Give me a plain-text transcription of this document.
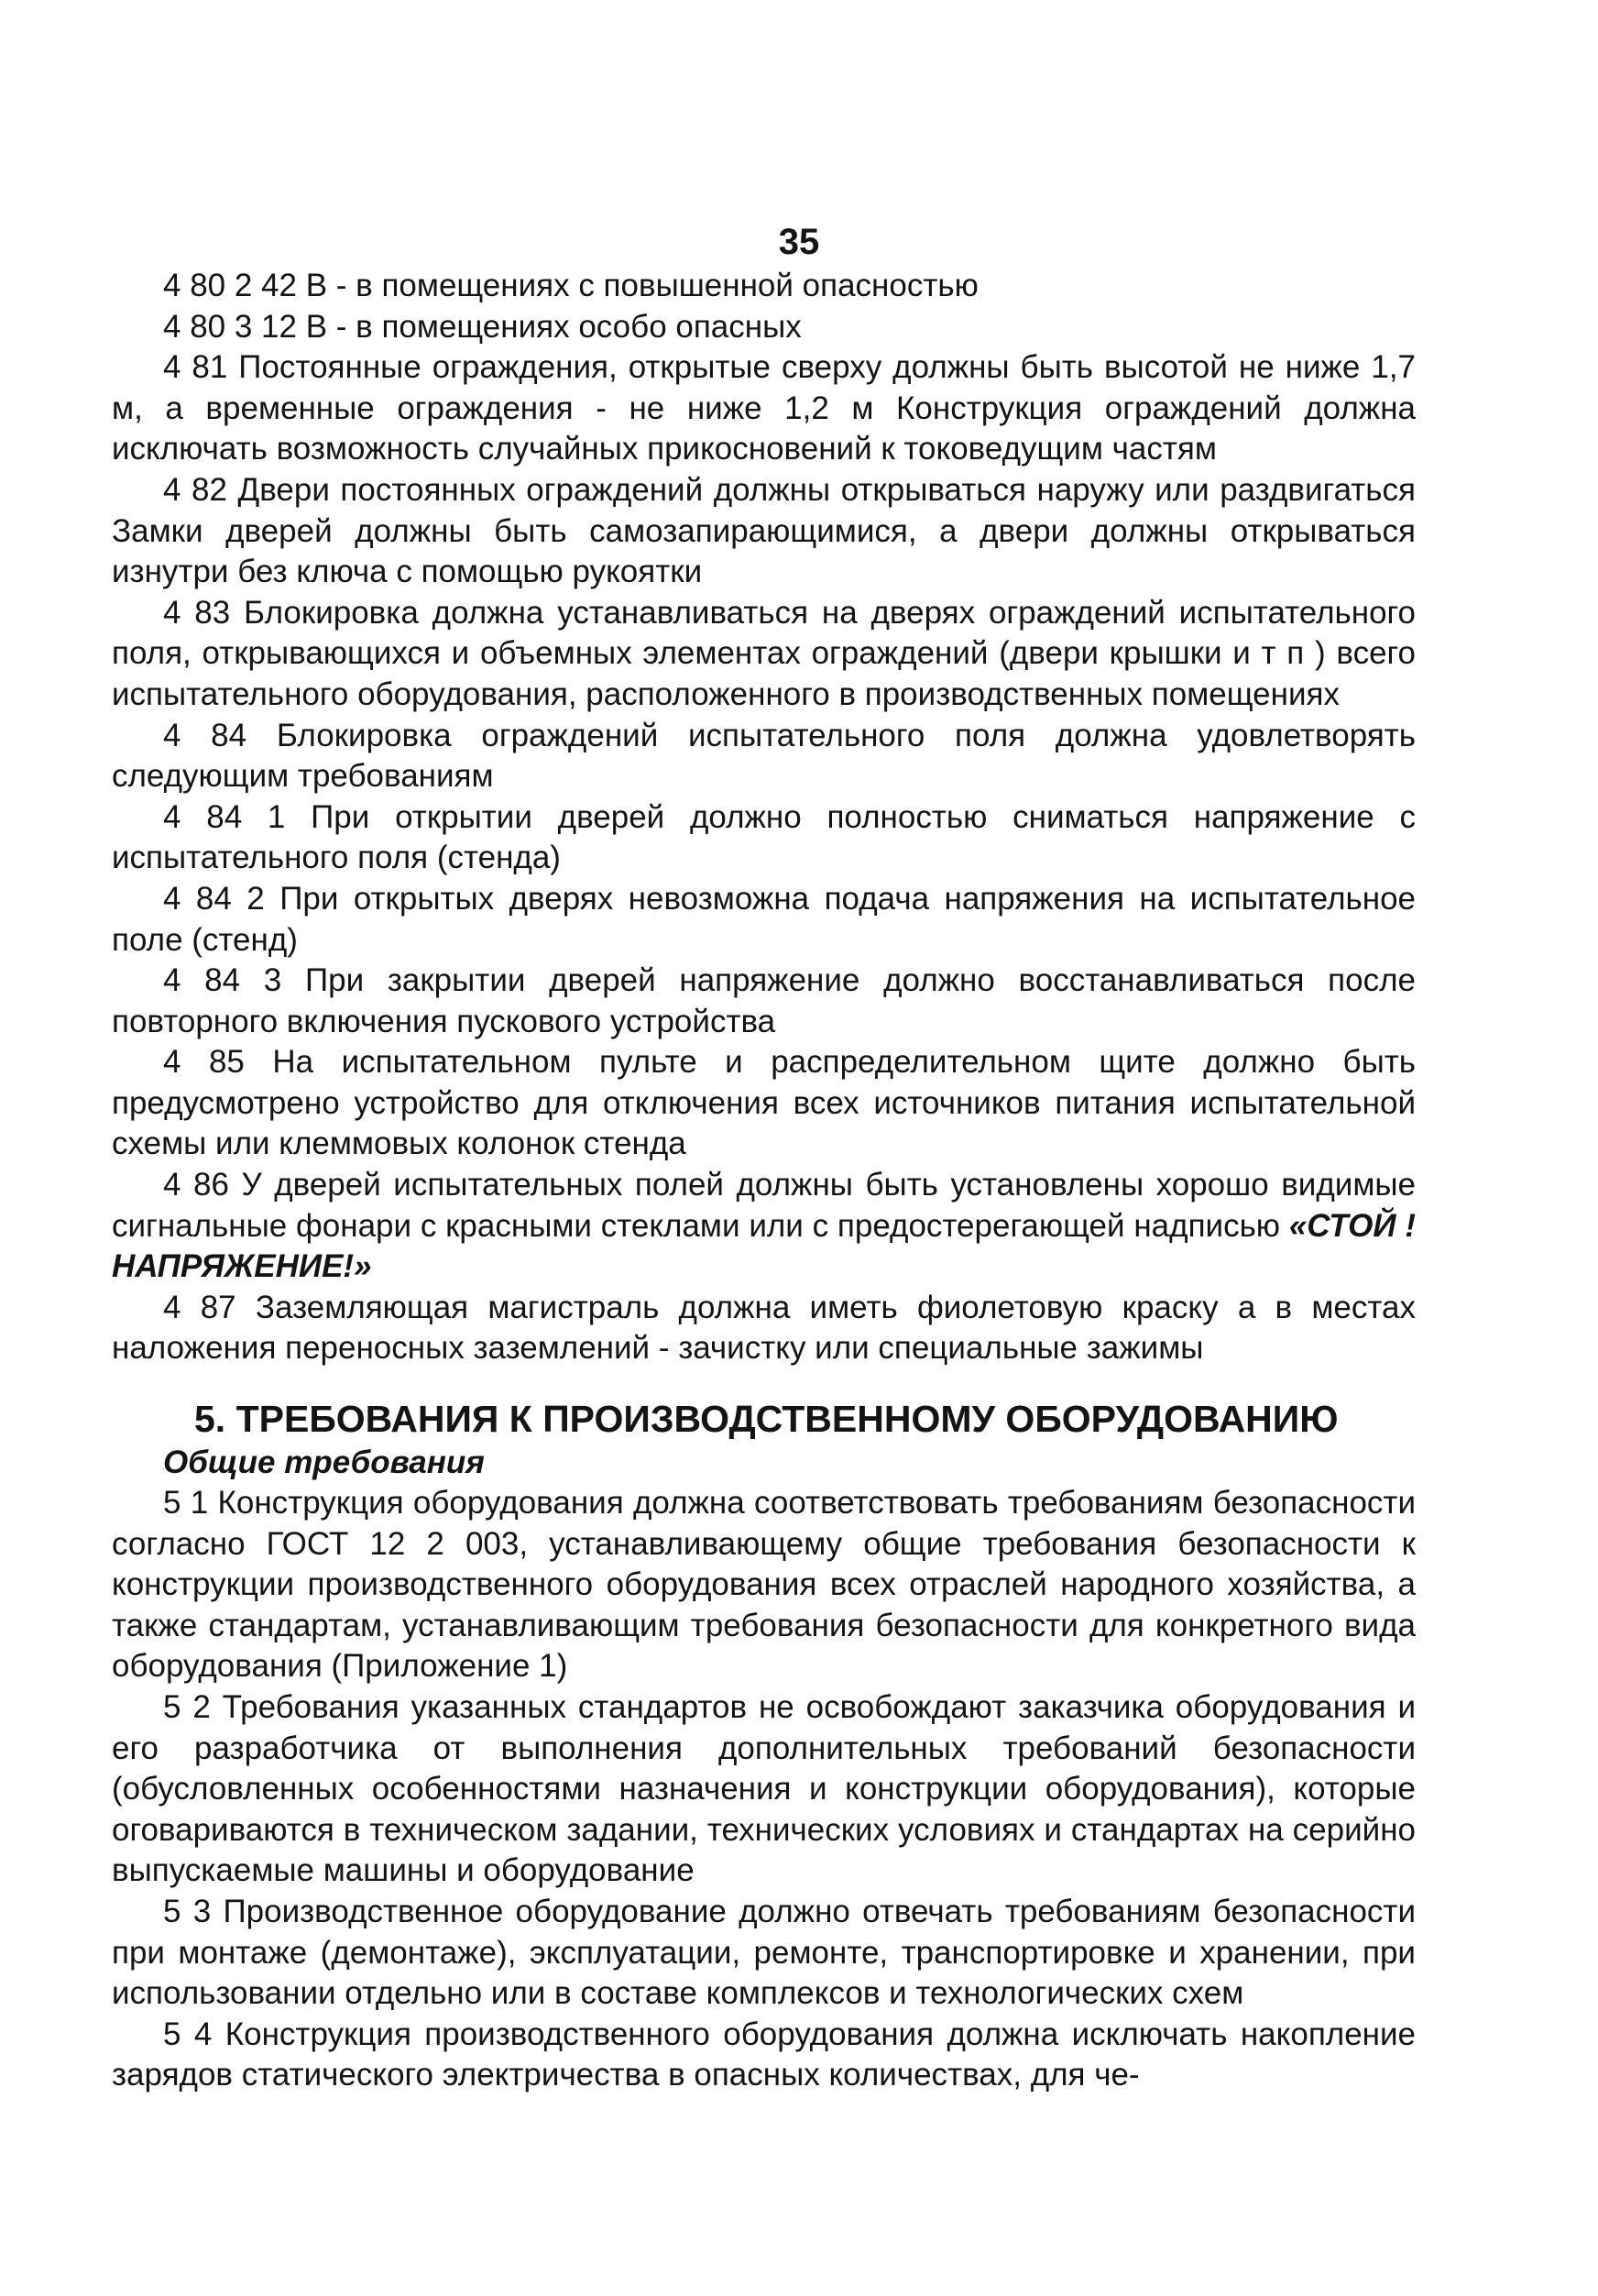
35

4 80 2 42 В - в помещениях с повышенной опасностью

4 80 3 12 В - в помещениях особо опасных

4 81 Постоянные ограждения, открытые сверху должны быть высотой не ниже 1,7 м, а временные ограждения - не ниже 1,2 м Конструкция ограждений должна исключать возможность случайных прикосновений к токоведущим частям

4 82 Двери постоянных ограждений должны открываться наружу или раздвигаться Замки дверей должны быть самозапирающимися, а двери должны открываться изнутри без ключа с помощью рукоятки

4 83 Блокировка должна устанавливаться на дверях ограждений испытательного поля, открывающихся и объемных элементах ограждений (двери крышки и т п ) всего испытательного оборудования, расположенного в производственных помещениях

4 84 Блокировка ограждений испытательного поля должна удовлетворять следующим требованиям

4 84 1 При открытии дверей должно полностью сниматься напряжение с испытательного поля (стенда)

4 84 2 При открытых дверях невозможна подача напряжения на испытательное поле (стенд)

4 84 3 При закрытии дверей напряжение должно восстанавливаться после повторного включения пускового устройства

4 85 На испытательном пульте и распределительном щите должно быть предусмотрено устройство для отключения всех источников питания испытательной схемы или клеммовых колонок стенда

4 86 У дверей испытательных полей должны быть установлены хорошо видимые сигнальные фонари с красными стеклами или с предостерегающей надписью «СТОЙ ! НАПРЯЖЕНИЕ!»

4 87 Заземляющая магистраль должна иметь фиолетовую краску а в местах наложения переносных заземлений - зачистку или специальные зажимы

5. ТРЕБОВАНИЯ К ПРОИЗВОДСТВЕННОМУ ОБОРУДОВАНИЮ
Общие требования

5 1 Конструкция оборудования должна соответствовать требованиям безопасности согласно ГОСТ 12 2 003, устанавливающему общие требования безопасности к конструкции производственного оборудования всех отраслей народного хозяйства, а также стандартам, устанавливающим требования безопасности для конкретного вида оборудования (Приложение 1)

5 2 Требования указанных стандартов не освобождают заказчика оборудования и его разработчика от выполнения дополнительных требований безопасности (обусловленных особенностями назначения и конструкции оборудования), которые оговариваются в техническом задании, технических условиях и стандартах на серийно выпускаемые машины и оборудование

5 3 Производственное оборудование должно отвечать требованиям безопасности при монтаже (демонтаже), эксплуатации, ремонте, транспортировке и хранении, при использовании отдельно или в составе комплексов и технологических схем

5 4 Конструкция производственного оборудования должна исключать накопление зарядов статического электричества в опасных количествах, для че-
